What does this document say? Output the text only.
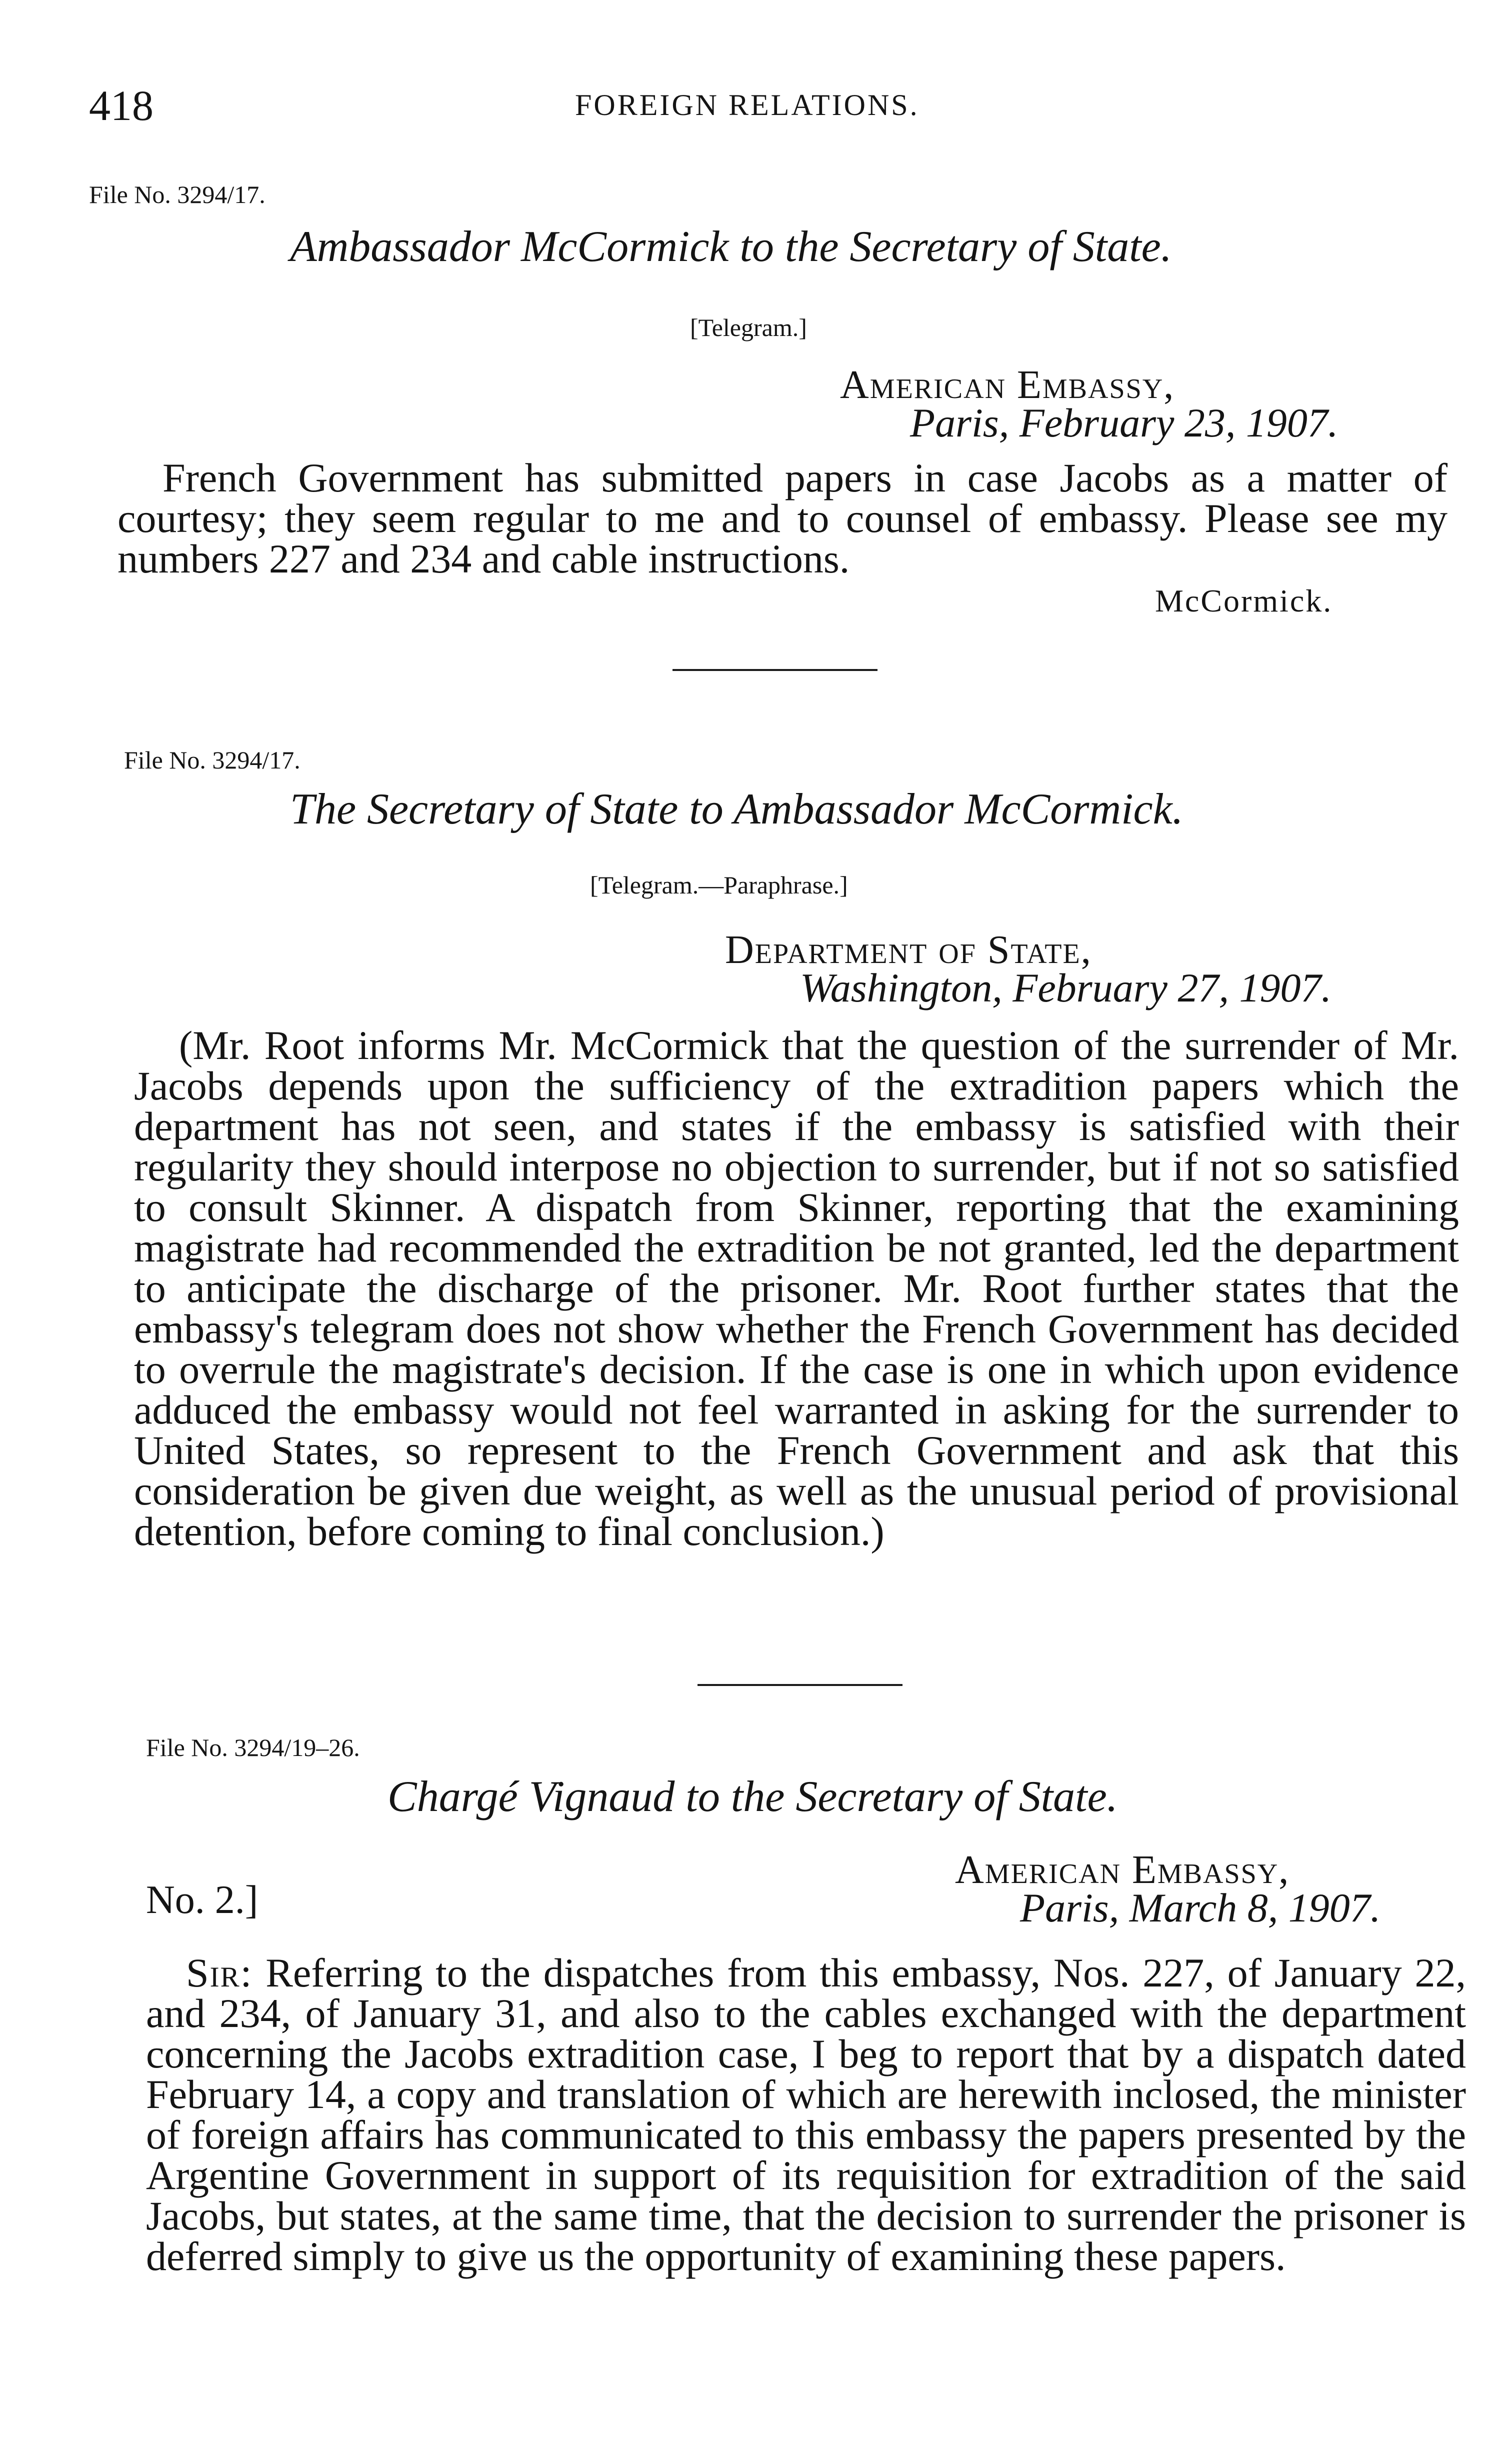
418	FOREIGN RELATIONS.
File No. 3294/17.
Ambassador McCormick to the Secretary of State.
[Telegram.]
American Embassy,
Paris, February 23, 1907.

French Government has submitted papers in case Jacobs as a matter of courtesy; they seem regular to me and to counsel of embassy. Please see my numbers 227 and 234 and cable instructions.

McCormick.
File No. 3294/17.
The Secretary of State to Ambassador McCormick.
[Telegram.—Paraphrase.]
Department of State,
Washington, February 27, 1907.

(Mr. Root informs Mr. McCormick that the question of the surrender of Mr. Jacobs depends upon the sufficiency of the extradition papers which the department has not seen, and states if the embassy is satisfied with their regularity they should interpose no objection to surrender, but if not so satisfied to consult Skinner. A dispatch from Skinner, reporting that the examining magistrate had recommended the extradition be not granted, led the department to anticipate the discharge of the prisoner. Mr. Root further states that the embassy's telegram does not show whether the French Government has decided to overrule the magistrate's decision. If the case is one in which upon evidence adduced the embassy would not feel warranted in asking for the surrender to United States, so represent to the French Government and ask that this consideration be given due weight, as well as the unusual period of provisional detention, before coming to final conclusion.)

File No. 3294/19–26.
Chargé Vignaud to the Secretary of State.
No. 2.]
American Embassy,
Paris, March 8, 1907.

Sir: Referring to the dispatches from this embassy, Nos. 227, of January 22, and 234, of January 31, and also to the cables exchanged with the department concerning the Jacobs extradition case, I beg to report that by a dispatch dated February 14, a copy and translation of which are herewith inclosed, the minister of foreign affairs has communicated to this embassy the papers presented by the Argentine Government in support of its requisition for extradition of the said Jacobs, but states, at the same time, that the decision to surrender the prisoner is deferred simply to give us the opportunity of examining these papers.
